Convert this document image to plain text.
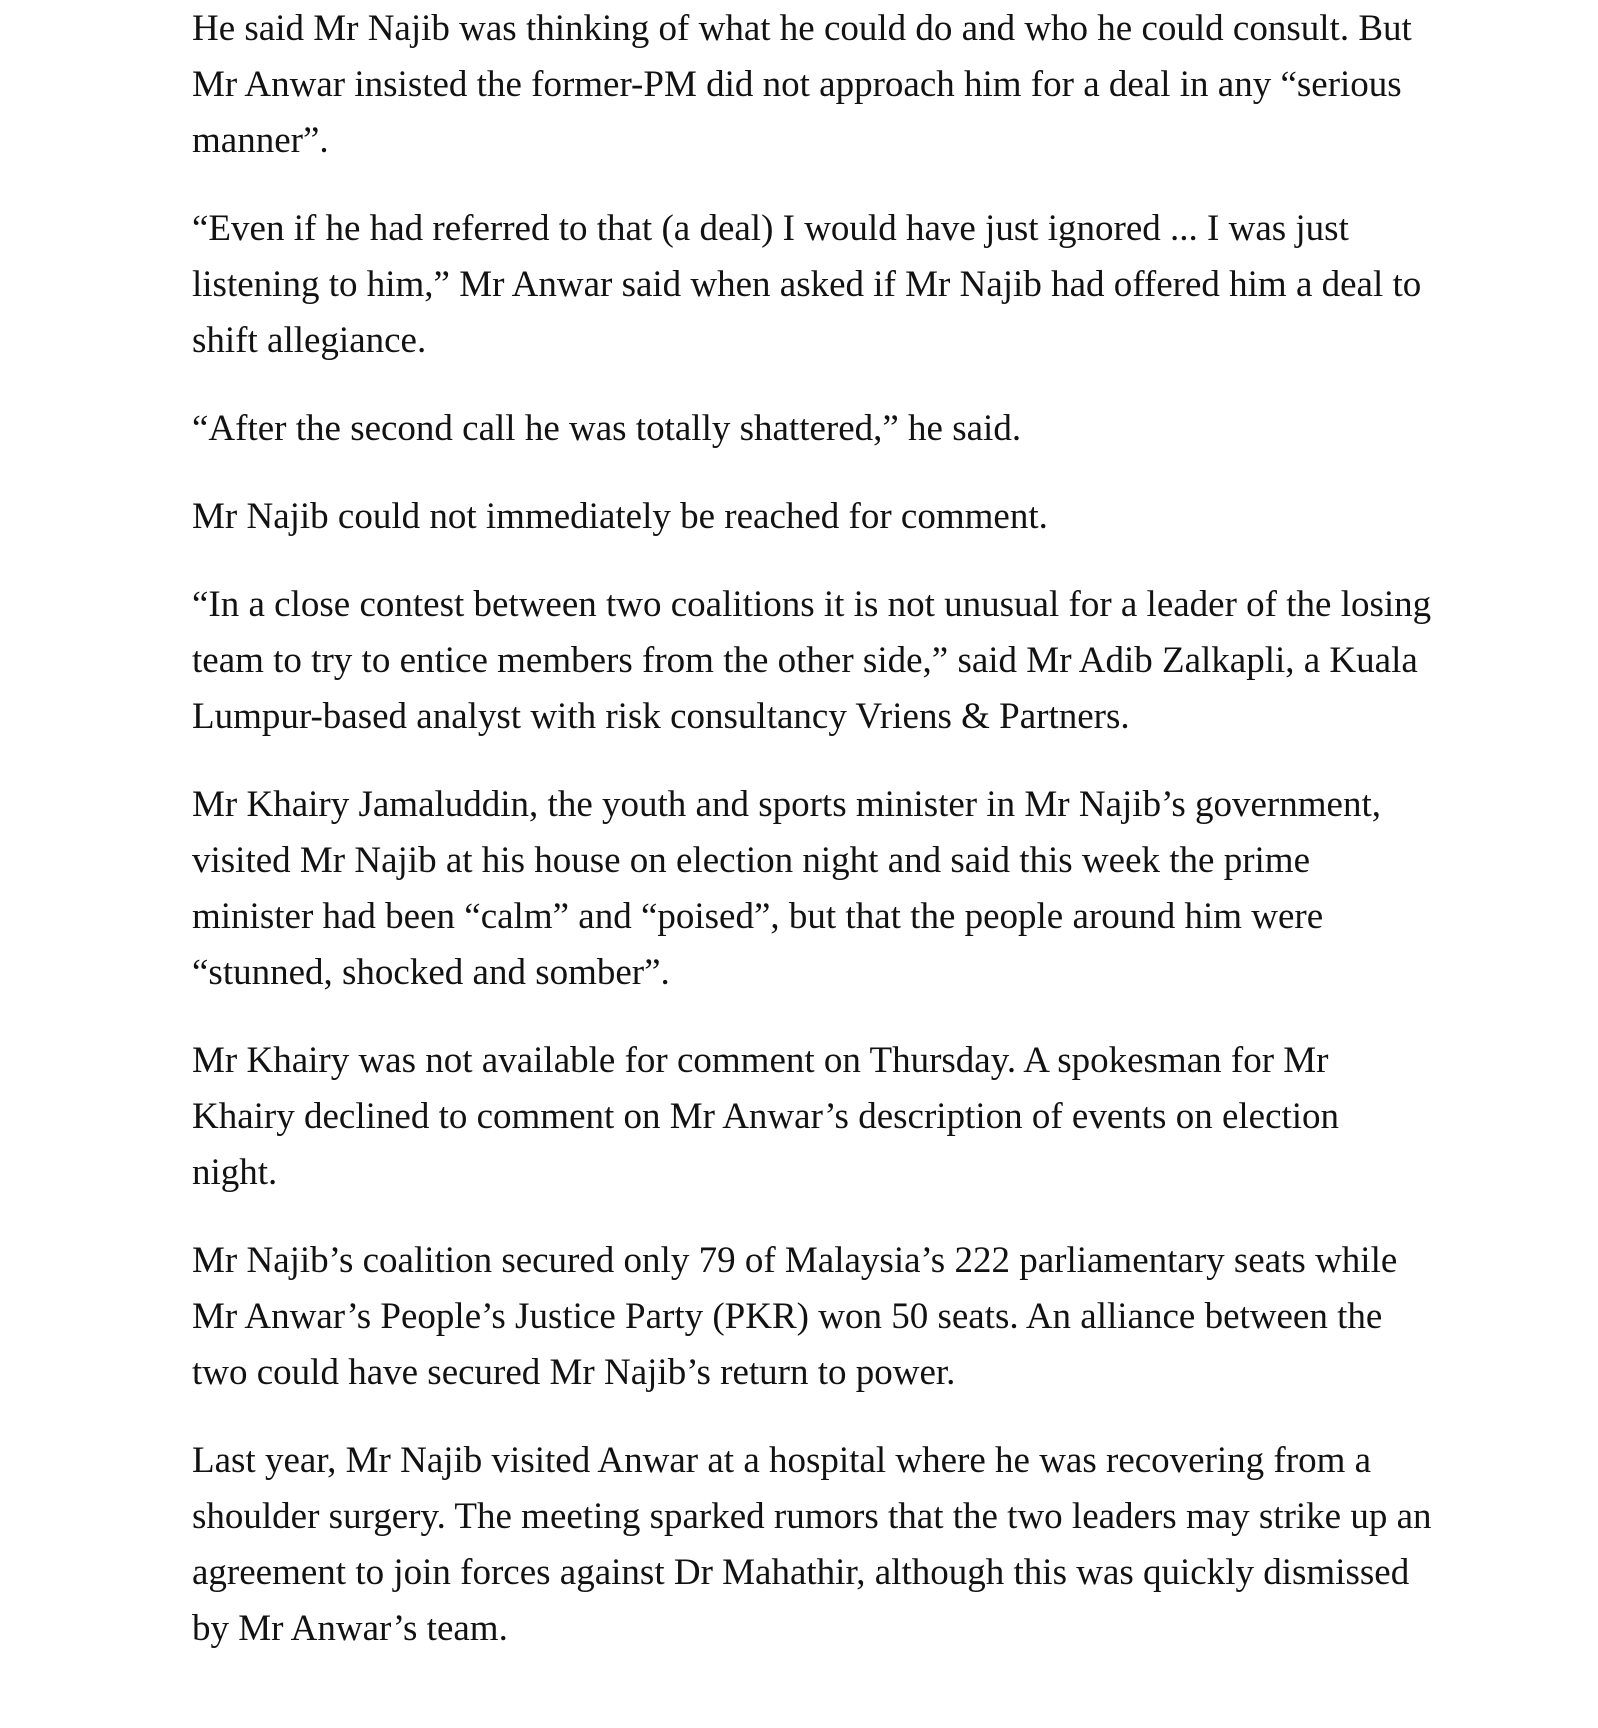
He said Mr Najib was thinking of what he could do and who he could consult. But Mr Anwar insisted the former-PM did not approach him for a deal in any “serious manner”.

“Even if he had referred to that (a deal) I would have just ignored ... I was just listening to him,” Mr Anwar said when asked if Mr Najib had offered him a deal to shift allegiance.

“After the second call he was totally shattered,” he said.

Mr Najib could not immediately be reached for comment.

“In a close contest between two coalitions it is not unusual for a leader of the losing team to try to entice members from the other side,” said Mr Adib Zalkapli, a Kuala Lumpur-based analyst with risk consultancy Vriens & Partners.

Mr Khairy Jamaluddin, the youth and sports minister in Mr Najib’s government, visited Mr Najib at his house on election night and said this week the prime minister had been “calm” and “poised”, but that the people around him were “stunned, shocked and somber”.

Mr Khairy was not available for comment on Thursday. A spokesman for Mr Khairy declined to comment on Mr Anwar’s description of events on election night.

Mr Najib’s coalition secured only 79 of Malaysia’s 222 parliamentary seats while Mr Anwar’s People’s Justice Party (PKR) won 50 seats. An alliance between the two could have secured Mr Najib’s return to power.

Last year, Mr Najib visited Anwar at a hospital where he was recovering from a shoulder surgery. The meeting sparked rumors that the two leaders may strike up an agreement to join forces against Dr Mahathir, although this was quickly dismissed by Mr Anwar’s team.
